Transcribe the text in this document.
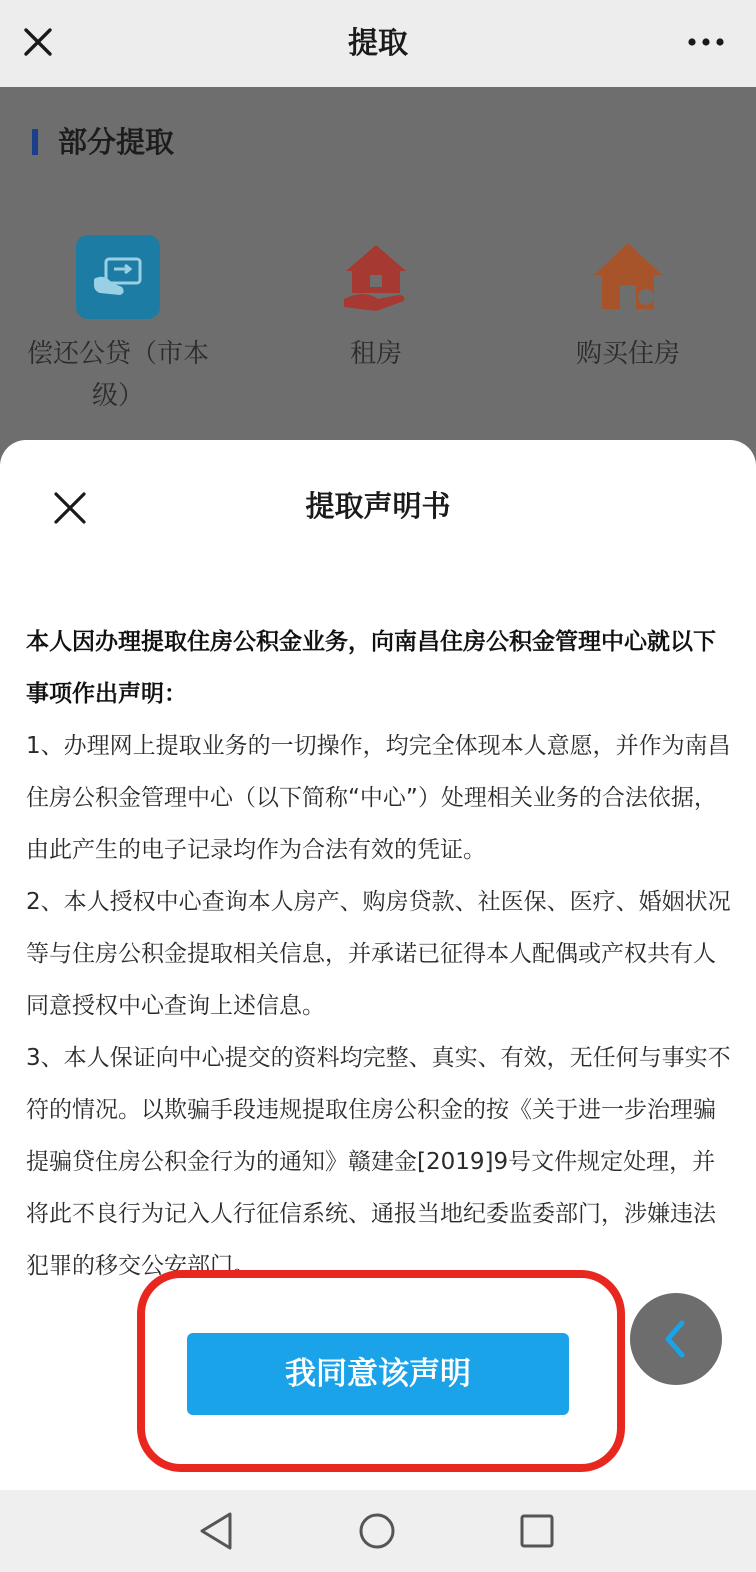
提取
部分提取
偿还公贷（市本级）
租房	购买住房
提取声明书

本人因办理提取住房公积金业务，向南昌住房公积金管理中心就以下事项作出声明：

1、办理网上提取业务的一切操作，均完全体现本人意愿，并作为南昌住房公积金管理中心（以下简称“中心”）处理相关业务的合法依据，由此产生的电子记录均作为合法有效的凭证。

2、本人授权中心查询本人房产、购房贷款、社医保、医疗、婚姻状况等与住房公积金提取相关信息，并承诺已征得本人配偶或产权共有人同意授权中心查询上述信息。

3、本人保证向中心提交的资料均完整、真实、有效，无任何与事实不符的情况。以欺骗手段违规提取住房公积金的按《关于进一步治理骗提骗贷住房公积金行为的通知》赣建金[2019]9号文件规定处理，并将此不良行为记入人行征信系统、通报当地纪委监委部门，涉嫌违法犯罪的移交公安部门。

我同意该声明
